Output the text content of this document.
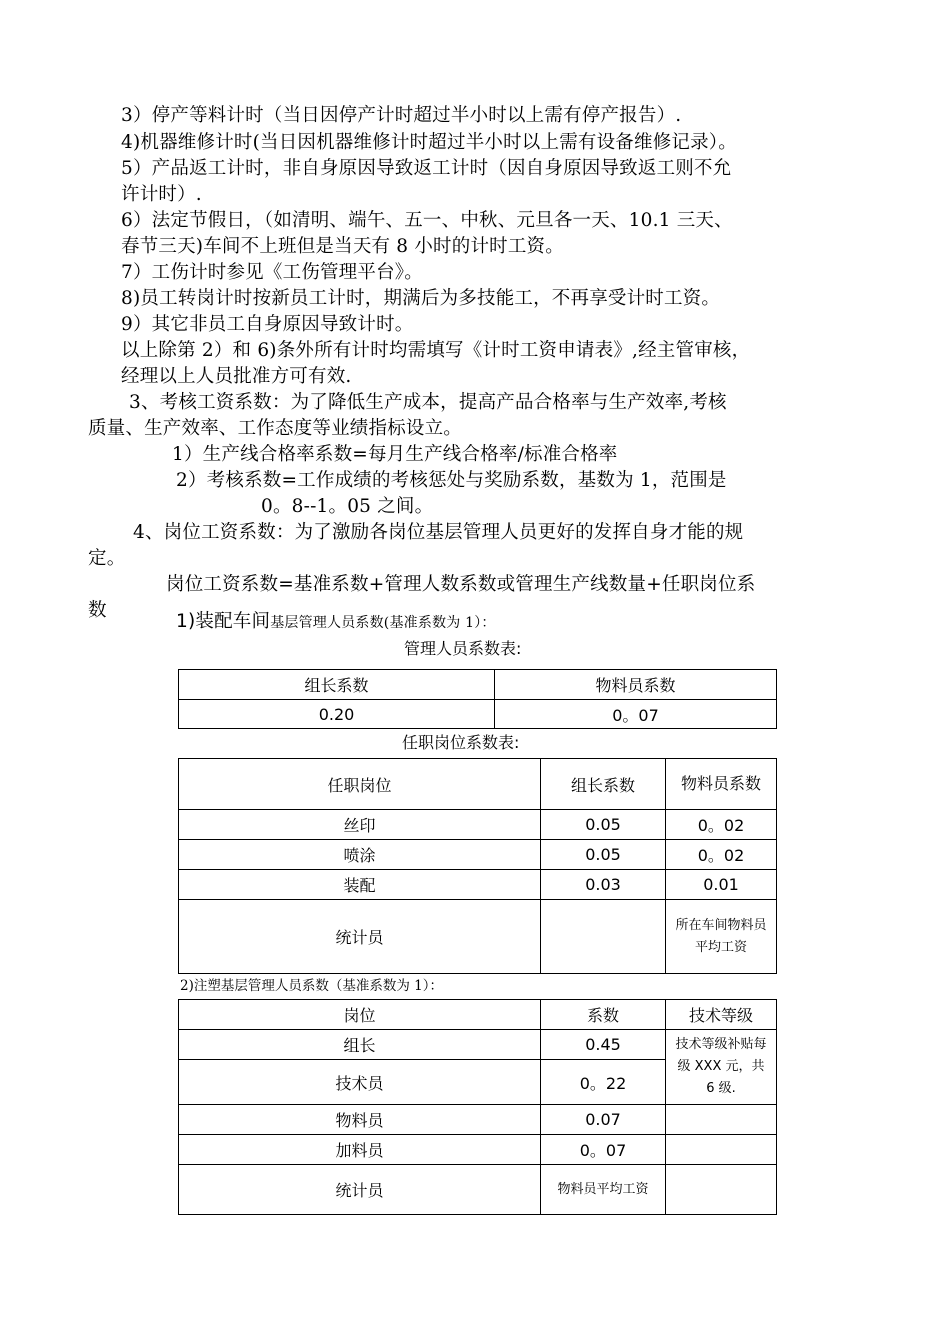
3）停产等料计时（当日因停产计时超过半小时以上需有停产报告）.
4)机器维修计时(当日因机器维修计时超过半小时以上需有设备维修记录）。
5）产品返工计时，非自身原因导致返工计时（因自身原因导致返工则不允
许计时）.
6）法定节假日，（如清明、端午、五一、中秋、元旦各一天、10.1 三天、
春节三天)车间不上班但是当天有 8 小时的计时工资。
7）工伤计时参见《工伤管理平台》。
8)员工转岗计时按新员工计时，期满后为多技能工，不再享受计时工资。
9）其它非员工自身原因导致计时。
以上除第 2）和 6)条外所有计时均需填写《计时工资申请表》,经主管审核，
经理以上人员批准方可有效.
3、考核工资系数：为了降低生产成本，提高产品合格率与生产效率,考核
质量、生产效率、工作态度等业绩指标设立。
1）生产线合格率系数=每月生产线合格率/标准合格率
2）考核系数=工作成绩的考核惩处与奖励系数，基数为 1，范围是
0。8--1。05 之间。
4、岗位工资系数：为了激励各岗位基层管理人员更好的发挥自身才能的规
定。
岗位工资系数=基准系数+管理人数系数或管理生产线数量+任职岗位系
数
1)装配车间基层管理人员系数(基准系数为 1）：
管理人员系数表:
组长系数	物料员系数
0.20	0。07
任职岗位系数表:
任职岗位	组长系数	物料员系数
丝印	0.05	0。02
喷涂	0.05	0。02
装配	0.03	0.01
统计员		所在车间物料员平均工资
2)注塑基层管理人员系数（基准系数为 1）：
岗位	系数	技术等级
组长	0.45	技术等级补贴每级 XXX 元，共 6 级.
技术员	0。22	
物料员	0.07	
加料员	0。07	
统计员	物料员平均工资	
